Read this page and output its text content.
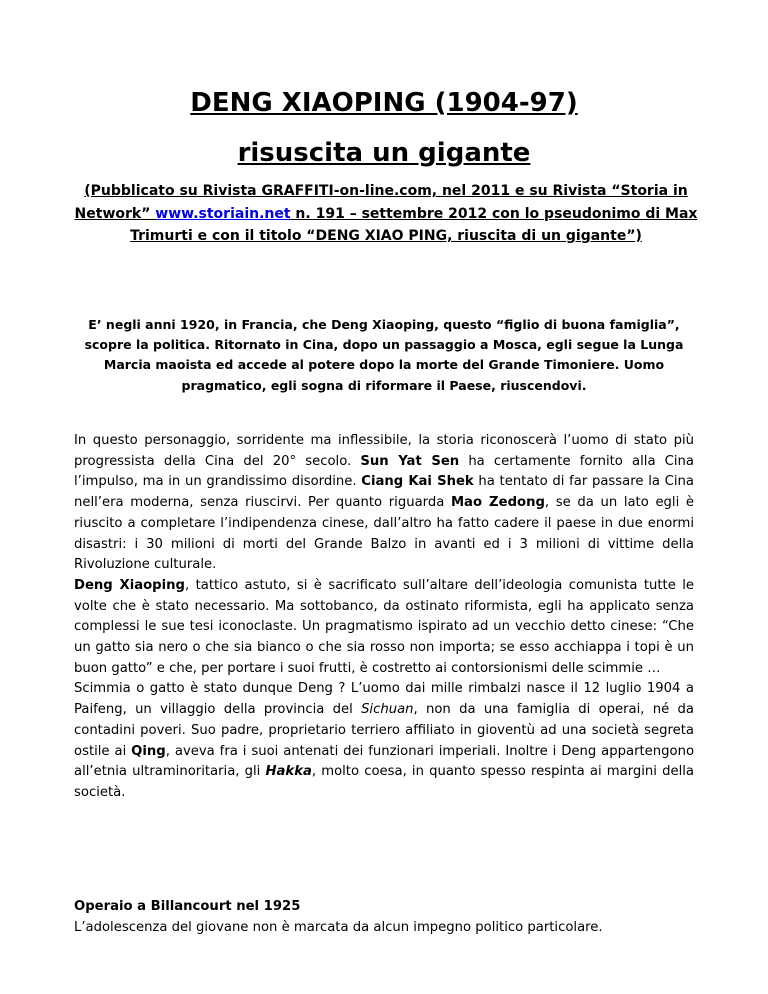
DENG XIAOPING (1904-97)
risuscita un gigante

(Pubblicato su Rivista GRAFFITI-on-line.com, nel 2011 e su Rivista “Storia in Network” www.storiain.net n. 191 – settembre 2012 con lo pseudonimo di Max Trimurti e con il titolo “DENG XIAO PING, riuscita di un gigante”)

E’ negli anni 1920, in Francia, che Deng Xiaoping, questo “figlio di buona famiglia”, scopre la politica. Ritornato in Cina, dopo un passaggio a Mosca, egli segue la Lunga Marcia maoista ed accede al potere dopo la morte del Grande Timoniere. Uomo pragmatico, egli sogna di riformare il Paese, riuscendovi.

In questo personaggio, sorridente ma inflessibile, la storia riconoscerà l’uomo di stato più progressista della Cina del 20° secolo. Sun Yat Sen ha certamente fornito alla Cina l’impulso, ma in un grandissimo disordine. Ciang Kai Shek ha tentato di far passare la Cina nell’era moderna, senza riuscirvi. Per quanto riguarda Mao Zedong, se da un lato egli è riuscito a completare l’indipendenza cinese, dall’altro ha fatto cadere il paese in due enormi disastri: i 30 milioni di morti del Grande Balzo in avanti ed i 3 milioni di vittime della Rivoluzione culturale.

Deng Xiaoping, tattico astuto, si è sacrificato sull’altare dell’ideologia comunista tutte le volte che è stato necessario. Ma sottobanco, da ostinato riformista, egli ha applicato senza complessi le sue tesi iconoclaste. Un pragmatismo ispirato ad un vecchio detto cinese: “Che un gatto sia nero o che sia bianco o che sia rosso non importa; se esso acchiappa i topi è un buon gatto” e che, per portare i suoi frutti, è costretto ai contorsionismi delle scimmie …

Scimmia o gatto è stato dunque Deng ? L’uomo dai mille rimbalzi nasce il 12 luglio 1904 a Paifeng, un villaggio della provincia del Sichuan, non da una famiglia di operai, né da contadini poveri. Suo padre, proprietario terriero affiliato in gioventù ad una società segreta ostile ai Qing, aveva fra i suoi antenati dei funzionari imperiali. Inoltre i Deng appartengono all’etnia ultraminoritaria, gli Hakka, molto coesa, in quanto spesso respinta ai margini della società.

Operaio a Billancourt nel 1925

L’adolescenza del giovane non è marcata da alcun impegno politico particolare.
